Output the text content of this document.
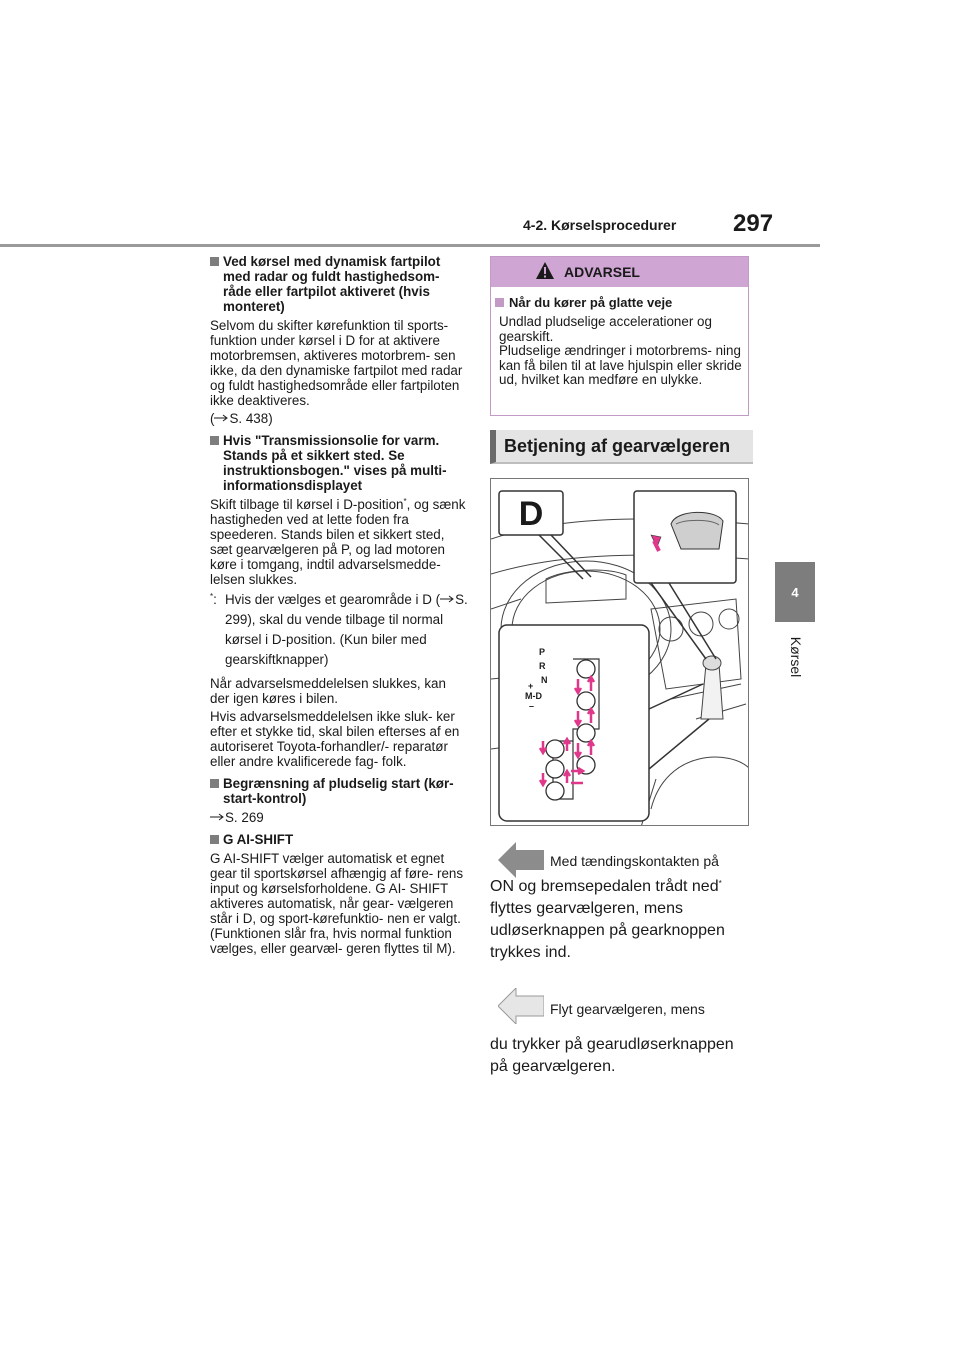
4-2. Kørselsprocedurer 297
4
Kørsel
Ved kørsel med dynamisk fartpilot med radar og fuldt hastighedsom- råde eller fartpilot aktiveret (hvis monteret)
Selvom du skifter kørefunktion til sports- funktion under kørsel i D for at aktivere motorbremsen, aktiveres motorbrem- sen ikke, da den dynamiske fartpilot med radar og fuldt hastighedsområde eller fartpiloten ikke deaktiveres.
( S. 438)
Hvis "Transmissionsolie for varm. Stands på et sikkert sted. Se instruktionsbogen." vises på multi- informationsdisplayet
Skift tilbage til kørsel i D-position*, og sænk hastigheden ved at lette foden fra speederen. Stands bilen et sikkert sted, sæt gearvælgeren på P, og lad motoren køre i tomgang, indtil advarselsmedde- lelsen slukkes.
*: Hvis der vælges et gearområde i D ( S. 299), skal du vende tilbage til normal kørsel i D-position. (Kun biler med gearskiftknapper)
Når advarselsmeddelelsen slukkes, kan der igen køres i bilen.
Hvis advarselsmeddelelsen ikke sluk- ker efter et stykke tid, skal bilen efterses af en autoriseret Toyota-forhandler/- reparatør eller andre kvalificerede fag- folk.
Begrænsning af pludselig start (kør-start-kontrol)
S. 269
G AI-SHIFT
G AI-SHIFT vælger automatisk et egnet gear til sportskørsel afhængig af føre- rens input og kørselsforholdene. G AI- SHIFT aktiveres automatisk, når gear- vælgeren står i D, og sport-kørefunktio- nen er valgt. (Funktionen slår fra, hvis normal funktion vælges, eller gearvæl- geren flyttes til M).
ADVARSEL
Når du kører på glatte veje
Undlad pludselige accelerationer og gearskift.
Pludselige ændringer i motorbrems- ning kan få bilen til at lave hjulspin eller skride ud, hvilket kan medføre en ulykke.
Betjening af gearvælgeren
D
P
R
N
+
M-D
–
Med tændingskontakten på
ON og bremsepedalen trådt ned* flyttes gearvælgeren, mens udløserknappen på gearknoppen trykkes ind.
Flyt gearvælgeren, mens
du trykker på gearudløserknappen på gearvælgeren.
